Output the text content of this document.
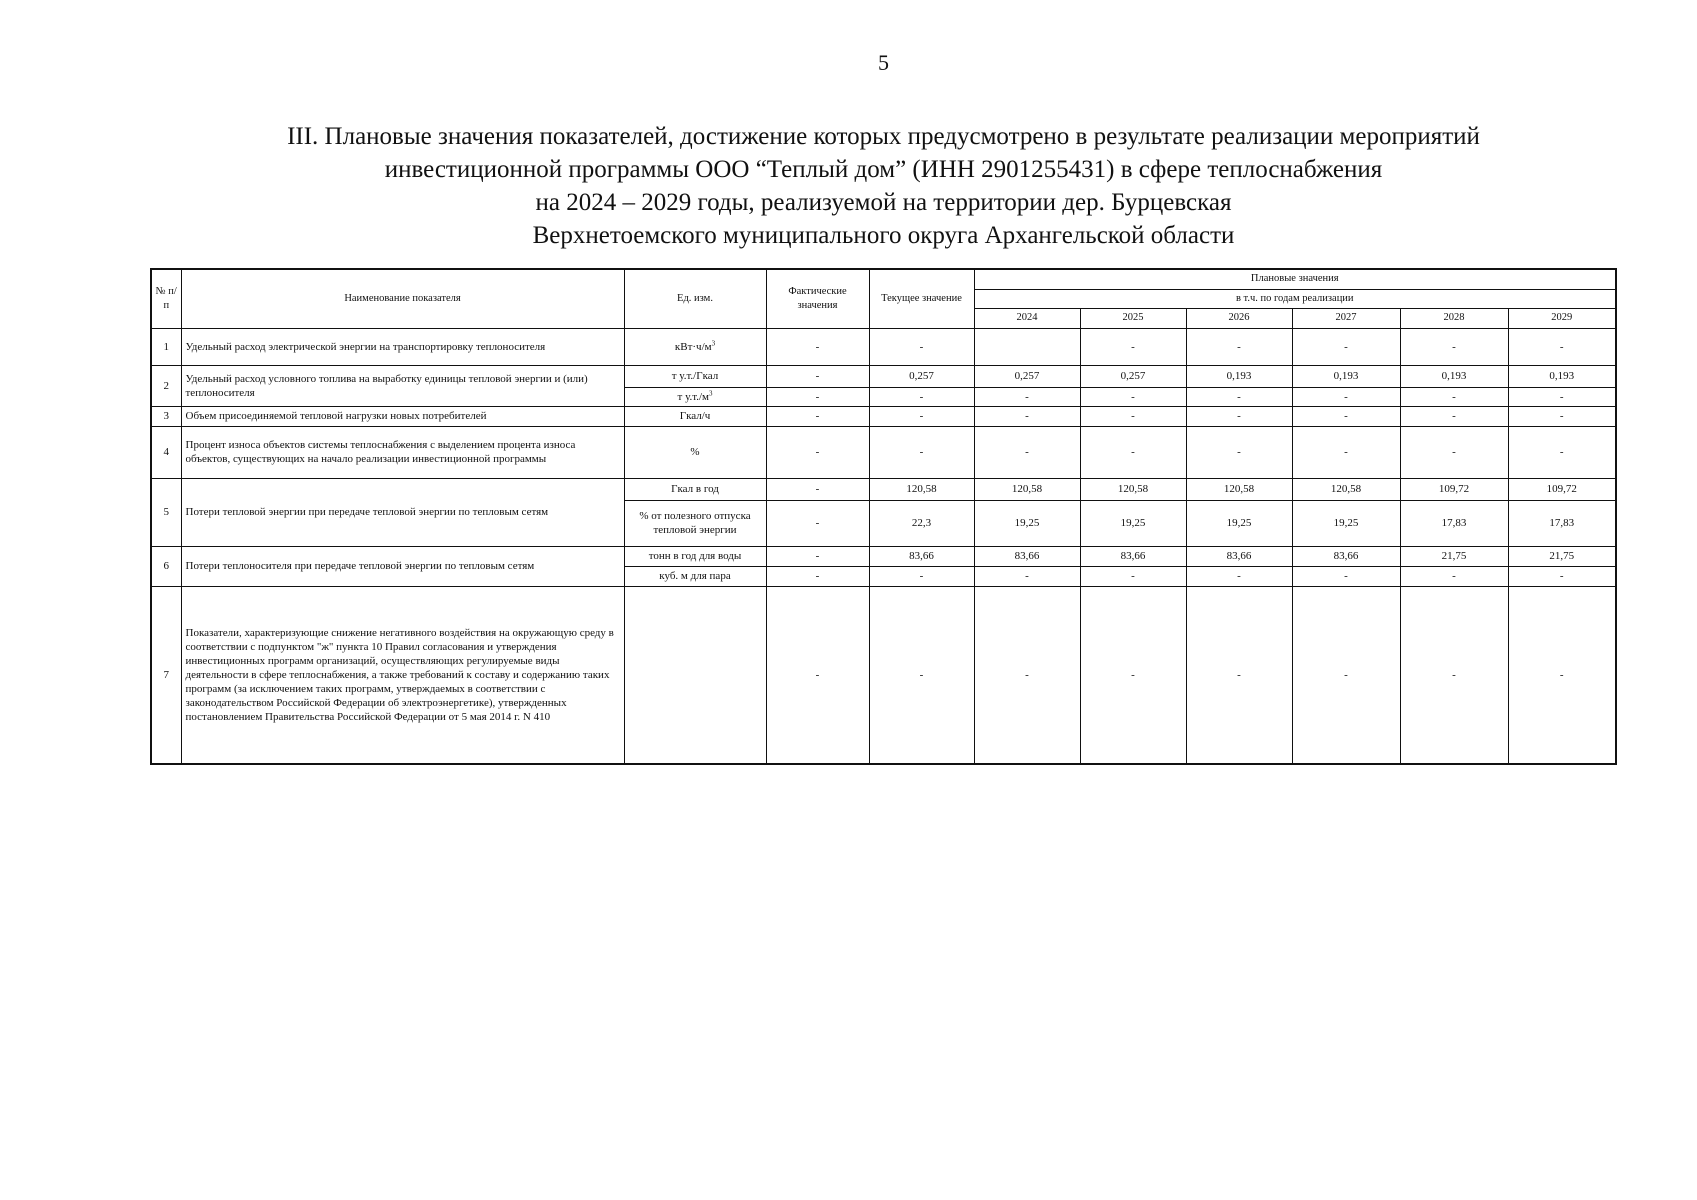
5
III. Плановые значения показателей, достижение которых предусмотрено в результате реализации мероприятий
инвестиционной программы ООО “Теплый дом” (ИНН 2901255431) в сфере теплоснабжения
на 2024 – 2029 годы, реализуемой на территории дер. Бурцевская
Верхнетоемского муниципального округа Архангельской области
№ п/п	Наименование показателя	Ед. изм.	Фактические значения	Текущее значение	Плановые значения					
					в т.ч. по годам реализации					
					2024	2025	2026	2027	2028	2029
1	Удельный расход электрической энергии на транспортировку теплоносителя	$кВт\cdot ч/м^3$	-	-		-	-	-	-	-
2	Удельный расход условного топлива на выработку единицы тепловой энергии и (или) теплоносителя	т у.т./Гкал	-	0,257	0,257	0,257	0,193	0,193	0,193	0,193
		т $у.т./м^3$	-	-	-	-	-	-	-	-
3	Объем присоединяемой тепловой нагрузки новых потребителей	Гкал/ч	-	-	-	-	-	-	-	-
4	Процент износа объектов системы теплоснабжения с выделением процента износа объектов, существующих на начало реализации инвестиционной программы	%	-	-	-	-	-	-	-	-
5	Потери тепловой энергии при передаче тепловой энергии по тепловым сетям	Гкал в год	-	120,58	120,58	120,58	120,58	120,58	109,72	109,72
		% от полезного отпуска тепловой энергии	-	22,3	19,25	19,25	19,25	19,25	17,83	17,83
6	Потери теплоносителя при передаче тепловой энергии по тепловым сетям	тонн в год для воды	-	83,66	83,66	83,66	83,66	83,66	21,75	21,75
		куб. м для пара	-	-	-	-	-	-	-	-
7	Показатели, характеризующие снижение негативного воздействия на окружающую среду в соответствии с подпунктом "ж" пункта 10 Правил согласования и утверждения инвестиционных программ организаций, осуществляющих регулируемые виды деятельности в сфере теплоснабжения, а также требований к составу и содержанию таких программ (за исключением таких программ, утверждаемых в соответствии с законодательством Российской Федерации об электроэнергетике), утвержденных постановлением Правительства Российской Федерации от 5 мая 2014 г. N 410		-	-	-	-	-	-	-	-
